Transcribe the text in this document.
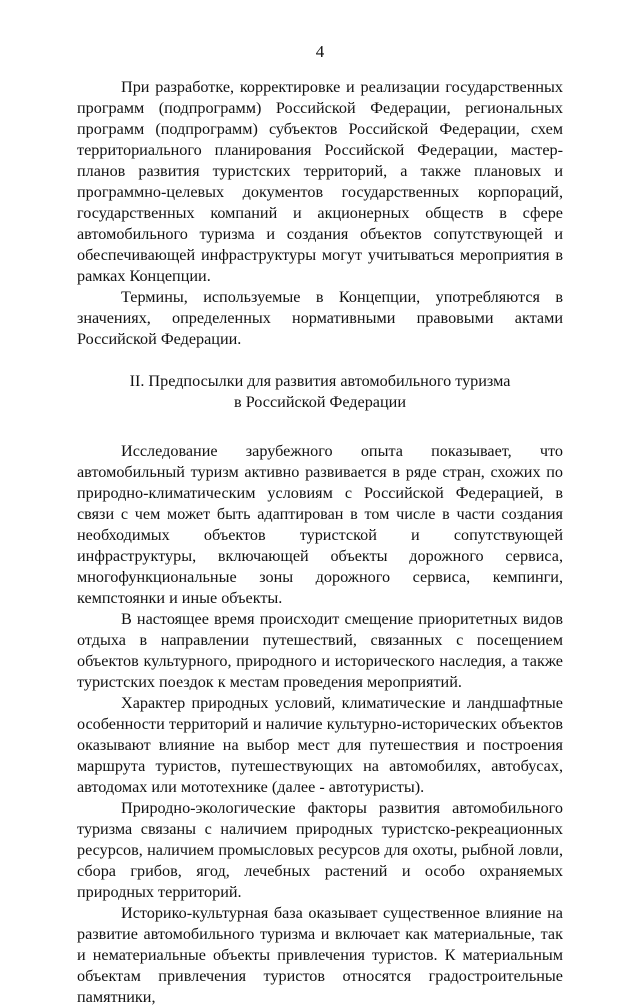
4

При разработке, корректировке и реализации государственных программ (подпрограмм) Российской Федерации, региональных программ (подпрограмм) субъектов Российской Федерации, схем территориального планирования Российской Федерации, мастер-планов развития туристских территорий, а также плановых и программно-целевых документов государственных корпораций, государственных компаний и акционерных обществ в сфере автомобильного туризма и создания объектов сопутствующей и обеспечивающей инфраструктуры могут учитываться мероприятия в рамках Концепции.

Термины, используемые в Концепции, употребляются в значениях, определенных нормативными правовыми актами Российской Федерации.

II. Предпосылки для развития автомобильного туризма
в Российской Федерации

Исследование зарубежного опыта показывает, что автомобильный туризм активно развивается в ряде стран, схожих по природно-климатическим условиям с Российской Федерацией, в связи с чем может быть адаптирован в том числе в части создания необходимых объектов туристской и сопутствующей инфраструктуры, включающей объекты дорожного сервиса, многофункциональные зоны дорожного сервиса, кемпинги, кемпстоянки и иные объекты.

В настоящее время происходит смещение приоритетных видов отдыха в направлении путешествий, связанных с посещением объектов культурного, природного и исторического наследия, а также туристских поездок к местам проведения мероприятий.

Характер природных условий, климатические и ландшафтные особенности территорий и наличие культурно-исторических объектов оказывают влияние на выбор мест для путешествия и построения маршрута туристов, путешествующих на автомобилях, автобусах, автодомах или мототехнике (далее - автотуристы).

Природно-экологические факторы развития автомобильного туризма связаны с наличием природных туристско-рекреационных ресурсов, наличием промысловых ресурсов для охоты, рыбной ловли, сбора грибов, ягод, лечебных растений и особо охраняемых природных территорий.

Историко-культурная база оказывает существенное влияние на развитие автомобильного туризма и включает как материальные, так и нематериальные объекты привлечения туристов. К материальным объектам привлечения туристов относятся градостроительные памятники,
